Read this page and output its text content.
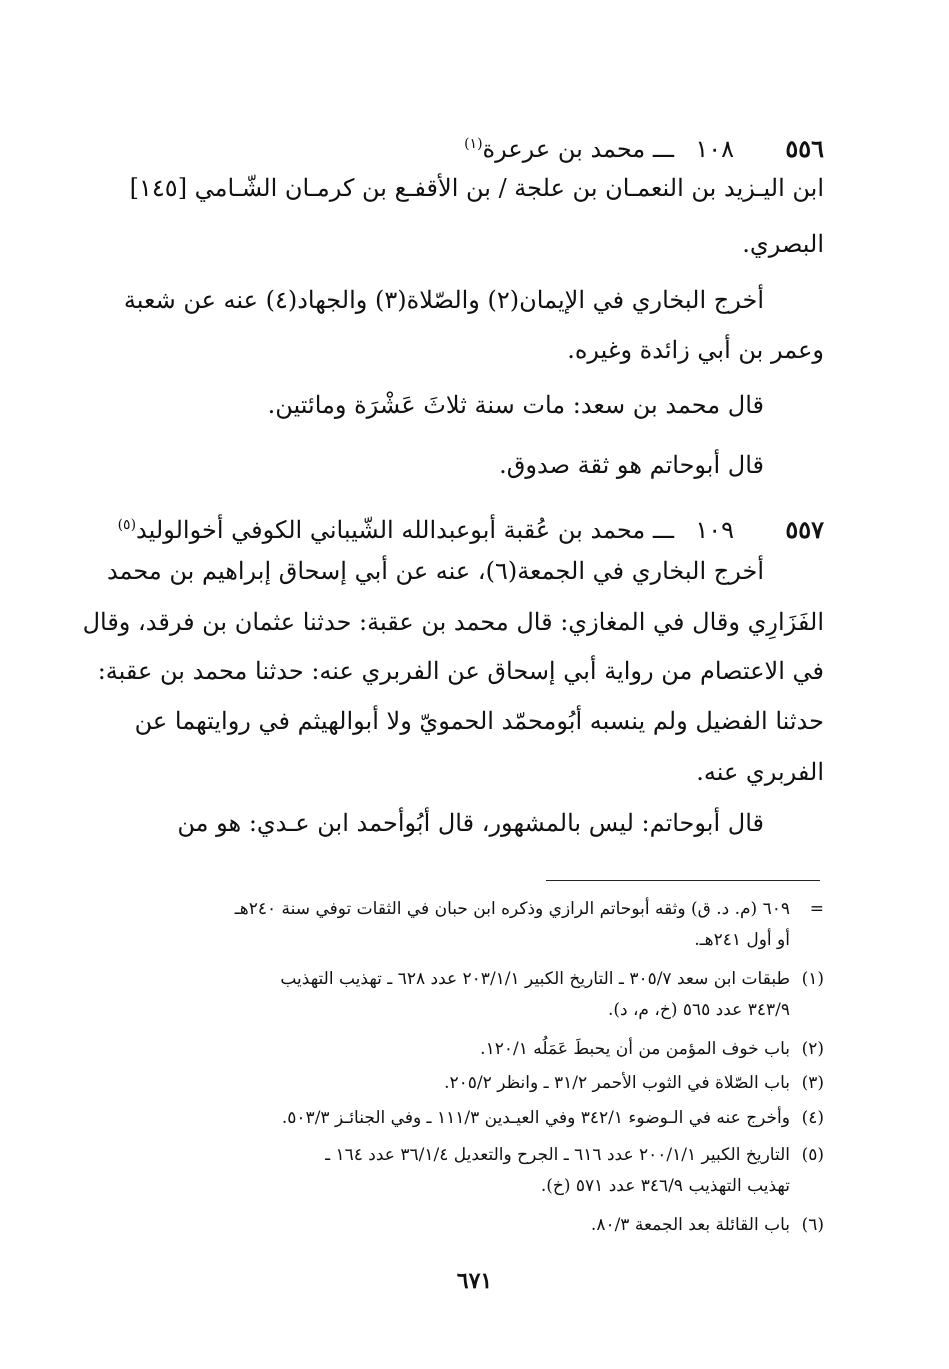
٥٥٦١٠٨ـــ محمد بن عرعرة$^{(١)}$
ابن اليـزيد بن النعمـان بن علجة / بن الأقفـع بن كرمـان الشّـامي [١٤٥]
البصري.
أخرج البخاري في الإيمان(٢) والصّلاة(٣) والجهاد(٤) عنه عن شعبة
وعمر بن أبي زائدة وغيره.
قال محمد بن سعد: مات سنة ثلاثَ عَشْرَة ومائتين.
قال أبوحاتم هو ثقة صدوق.
٥٥٧١٠٩ـــ محمد بن عُقبة أبوعبدالله الشّيباني الكوفي أخوالوليد$^{(٥)}$
أخرج البخاري في الجمعة(٦)، عنه عن أبي إسحاق إبراهيم بن محمد
الفَزَارِي وقال في المغازي: قال محمد بن عقبة: حدثنا عثمان بن فرقد، وقال
في الاعتصام من رواية أبي إسحاق عن الفربري عنه: حدثنا محمد بن عقبة:
حدثنا الفضيل ولم ينسبه أبُومحمّد الحمويّ ولا أبوالهيثم في روايتهما عن
الفربري عنه.
قال أبوحاتم: ليس بالمشهور، قال أبُوأحمد ابن عـدي: هو من
=٦٠٩ (م. د. ق) وثقه أبوحاتم الرازي وذكره ابن حبان في الثقات توفي سنة ٢٤٠هـ
أو أول ٢٤١هـ.
(١)طبقات ابن سعد ٣٠٥/٧ ـ التاريخ الكبير ٢٠٣/١/١ عدد ٦٢٨ ـ تهذيب التهذيب
٣٤٣/٩ عدد ٥٦٥ (خ، م، د).
(٢)باب خوف المؤمن من أن يحبطَ عَمَلُه ١٢٠/١.
(٣)باب الصّلاة في الثوب الأحمر ٣١/٢ ـ وانظر ٢٠٥/٢.
(٤)وأخرج عنه في الـوضوء ٣٤٢/١ وفي العيـدين ١١١/٣ ـ وفي الجنائـز ٥٠٣/٣.
(٥)التاريخ الكبير ٢٠٠/١/١ عدد ٦١٦ ـ الجرح والتعديل ٣٦/١/٤ عدد ١٦٤ ـ
تهذيب التهذيب ٣٤٦/٩ عدد ٥٧١ (خ).
(٦)باب القائلة بعد الجمعة ٨٠/٣.
٦٧١
